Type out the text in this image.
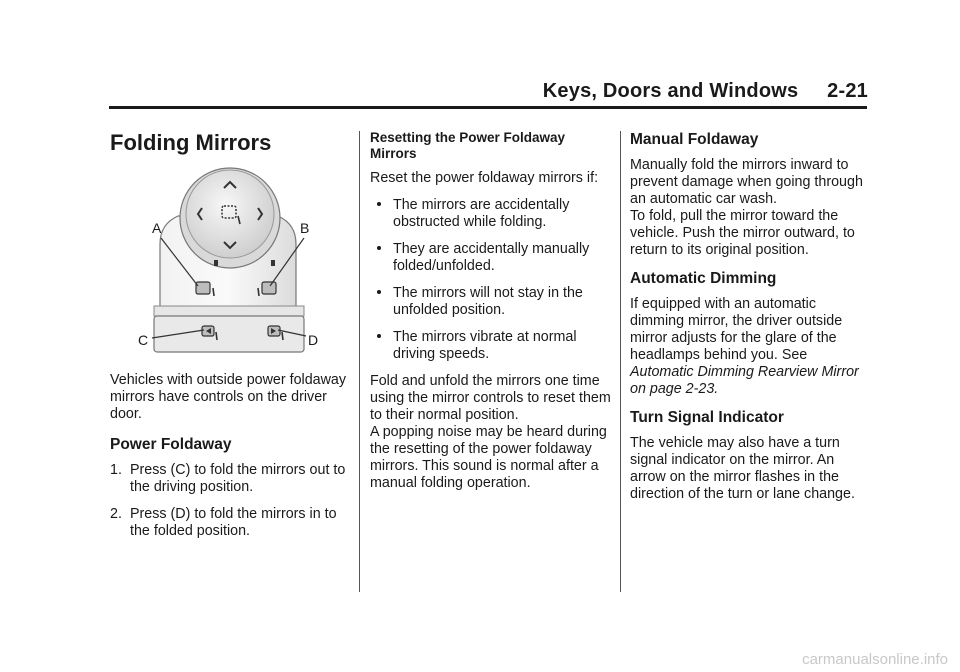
Keys, Doors and Windows 2-21
Folding Mirrors
A	B
C	D

Vehicles with outside power foldaway mirrors have controls on the driver door.

Power Foldaway
1. Press (C) to fold the mirrors out to the driving position.
2. Press (D) to fold the mirrors in to the folded position.
Resetting the Power Foldaway Mirrors

Reset the power foldaway mirrors if:

The mirrors are accidentally obstructed while folding.
They are accidentally manually folded/unfolded.
The mirrors will not stay in the unfolded position.
The mirrors vibrate at normal driving speeds.

Fold and unfold the mirrors one time using the mirror controls to reset them to their normal position.

A popping noise may be heard during the resetting of the power foldaway mirrors. This sound is normal after a manual folding operation.

Manual Foldaway

Manually fold the mirrors inward to prevent damage when going through an automatic car wash.

To fold, pull the mirror toward the vehicle. Push the mirror outward, to return to its original position.

Automatic Dimming

If equipped with an automatic dimming mirror, the driver outside mirror adjusts for the glare of the headlamps behind you. See Automatic Dimming Rearview Mirror on page 2-23.

Turn Signal Indicator

The vehicle may also have a turn signal indicator on the mirror. An arrow on the mirror flashes in the direction of the turn or lane change.

carmanualsonline.info
